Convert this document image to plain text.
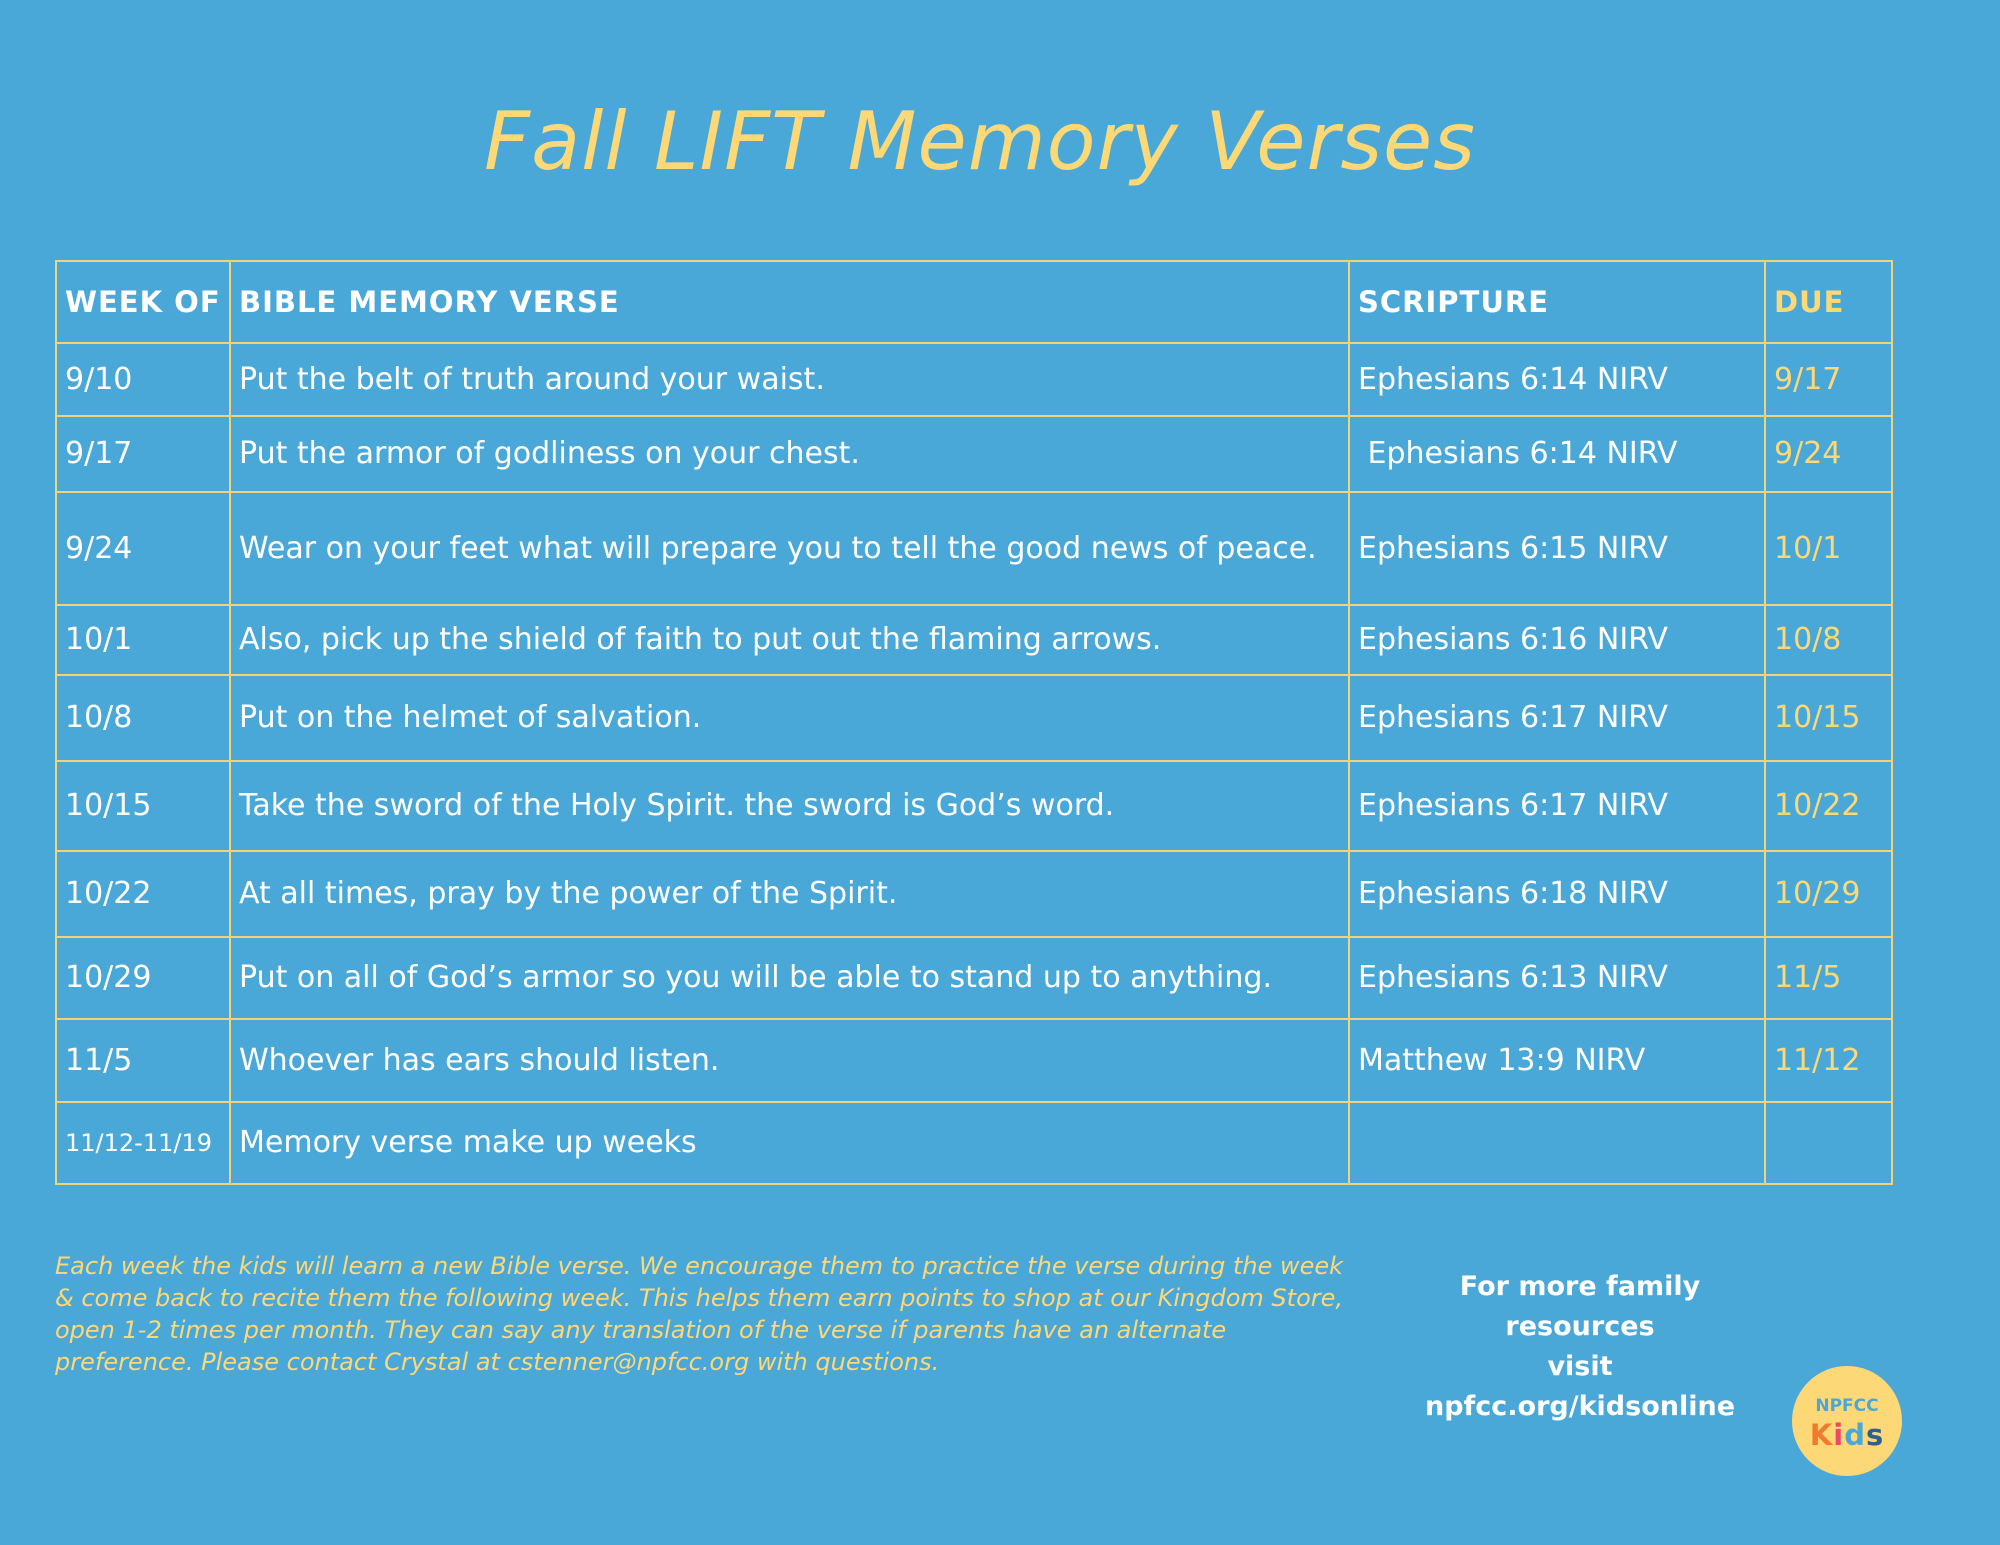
Fall LIFT Memory Verses
WEEK OF	BIBLE MEMORY VERSE	SCRIPTURE	DUE
9/10	Put the belt of truth around your waist.	Ephesians 6:14 NIRV	9/17
9/17	Put the armor of godliness on your chest.	Ephesians 6:14 NIRV	9/24
9/24	Wear on your feet what will prepare you to tell the good news of peace.	Ephesians 6:15 NIRV	10/1
10/1	Also, pick up the shield of faith to put out the flaming arrows.	Ephesians 6:16 NIRV	10/8
10/8	Put on the helmet of salvation.	Ephesians 6:17 NIRV	10/15
10/15	Take the sword of the Holy Spirit. the sword is God’s word.	Ephesians 6:17 NIRV	10/22
10/22	At all times, pray by the power of the Spirit.	Ephesians 6:18 NIRV	10/29
10/29	Put on all of God’s armor so you will be able to stand up to anything.	Ephesians 6:13 NIRV	11/5
11/5	Whoever has ears should listen.	Matthew 13:9 NIRV	11/12
11/12-11/19	Memory verse make up weeks		
Each week the kids will learn a new Bible verse. We encourage them to practice the verse during the week & come back to recite them the following week. This helps them earn points to shop at our Kingdom Store, open 1-2 times per month. They can say any translation of the verse if parents have an alternate preference. Please contact Crystal at cstenner@npfcc.org with questions.
For more family resources
visit npfcc.org/kidsonline	NPFCC
Kids
